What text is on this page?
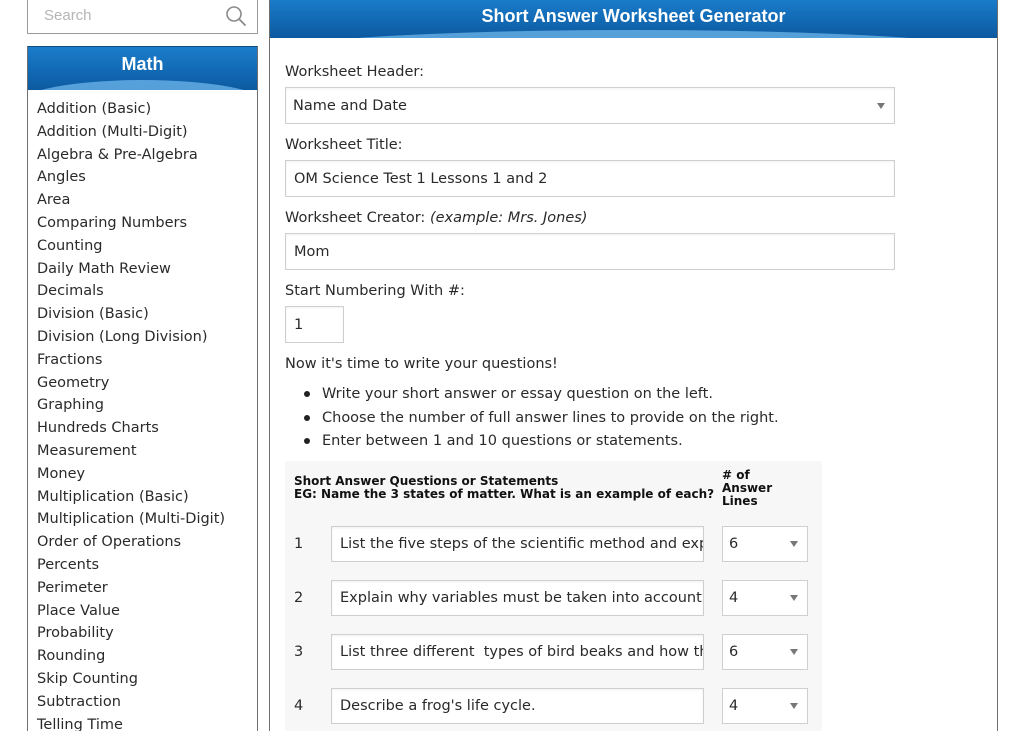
Search
Math
Addition (Basic)
Addition (Multi-Digit)
Algebra & Pre-Algebra
Angles
Area
Comparing Numbers
Counting
Daily Math Review
Decimals
Division (Basic)
Division (Long Division)
Fractions
Geometry
Graphing
Hundreds Charts
Measurement
Money
Multiplication (Basic)
Multiplication (Multi-Digit)
Order of Operations
Percents
Perimeter
Place Value
Probability
Rounding
Skip Counting
Subtraction
Telling Time
Short Answer Worksheet Generator
Worksheet Header:
Name and Date
Worksheet Title:
OM Science Test 1 Lessons 1 and 2
Worksheet Creator: (example: Mrs. Jones)
Mom
Start Numbering With #:
1
Now it's time to write your questions!
Write your short answer or essay question on the left.
Choose the number of full answer lines to provide on the right.
Enter between 1 and 10 questions or statements.
Short Answer Questions or Statements
EG: Name the 3 states of matter. What is an example of each?
# of
Answer
Lines
1
List the five steps of the scientific method and expl	6
2
Explain why variables must be taken into account i	4
3
List three different types of bird beaks and how th	6
4
Describe a frog's life cycle.	4
